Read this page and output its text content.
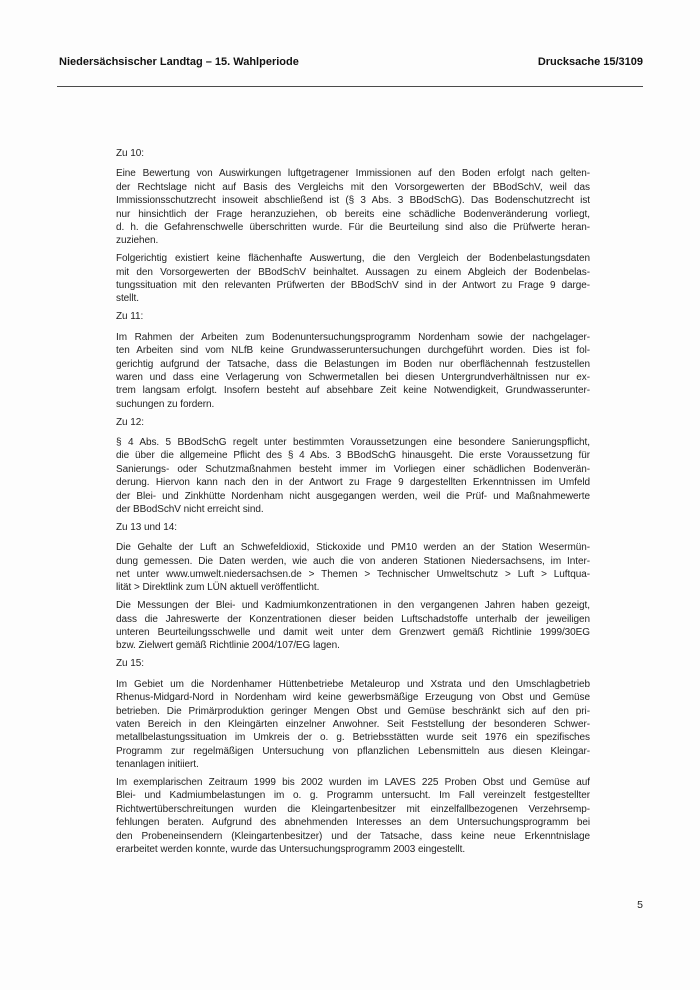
Niedersächsischer Landtag – 15. Wahlperiode	Drucksache 15/3109
Zu 10:
Eine Bewertung von Auswirkungen luftgetragener Immissionen auf den Boden erfolgt nach gelten-
der Rechtslage nicht auf Basis des Vergleichs mit den Vorsorgewerten der BBodSchV, weil das
Immissionsschutzrecht insoweit abschließend ist (§ 3 Abs. 3 BBodSchG). Das Bodenschutzrecht ist
nur hinsichtlich der Frage heranzuziehen, ob bereits eine schädliche Bodenveränderung vorliegt,
d. h. die Gefahrenschwelle überschritten wurde. Für die Beurteilung sind also die Prüfwerte heran-
zuziehen.
Folgerichtig existiert keine flächenhafte Auswertung, die den Vergleich der Bodenbelastungsdaten
mit den Vorsorgewerten der BBodSchV beinhaltet. Aussagen zu einem Abgleich der Bodenbelas-
tungssituation mit den relevanten Prüfwerten der BBodSchV sind in der Antwort zu Frage 9 darge-
stellt.
Zu 11:
Im Rahmen der Arbeiten zum Bodenuntersuchungsprogramm Nordenham sowie der nachgelager-
ten Arbeiten sind vom NLfB keine Grundwasseruntersuchungen durchgeführt worden. Dies ist fol-
gerichtig aufgrund der Tatsache, dass die Belastungen im Boden nur oberflächennah festzustellen
waren und dass eine Verlagerung von Schwermetallen bei diesen Untergrundverhältnissen nur ex-
trem langsam erfolgt. Insofern besteht auf absehbare Zeit keine Notwendigkeit, Grundwasserunter-
suchungen zu fordern.
Zu 12:
§ 4 Abs. 5 BBodSchG regelt unter bestimmten Voraussetzungen eine besondere Sanierungspflicht,
die über die allgemeine Pflicht des § 4 Abs. 3 BBodSchG hinausgeht. Die erste Voraussetzung für
Sanierungs- oder Schutzmaßnahmen besteht immer im Vorliegen einer schädlichen Bodenverän-
derung. Hiervon kann nach den in der Antwort zu Frage 9 dargestellten Erkenntnissen im Umfeld
der Blei- und Zinkhütte Nordenham nicht ausgegangen werden, weil die Prüf- und Maßnahmewerte
der BBodSchV nicht erreicht sind.
Zu 13 und 14:
Die Gehalte der Luft an Schwefeldioxid, Stickoxide und PM10 werden an der Station Wesermün-
dung gemessen. Die Daten werden, wie auch die von anderen Stationen Niedersachsens, im Inter-
net unter www.umwelt.niedersachsen.de > Themen > Technischer Umweltschutz > Luft > Luftqua-
lität > Direktlink zum LÜN aktuell veröffentlicht.
Die Messungen der Blei- und Kadmiumkonzentrationen in den vergangenen Jahren haben gezeigt,
dass die Jahreswerte der Konzentrationen dieser beiden Luftschadstoffe unterhalb der jeweiligen
unteren Beurteilungsschwelle und damit weit unter dem Grenzwert gemäß Richtlinie 1999/30EG
bzw. Zielwert gemäß Richtlinie 2004/107/EG lagen.
Zu 15:
Im Gebiet um die Nordenhamer Hüttenbetriebe Metaleurop und Xstrata und den Umschlagbetrieb
Rhenus-Midgard-Nord in Nordenham wird keine gewerbsmäßige Erzeugung von Obst und Gemüse
betrieben. Die Primärproduktion geringer Mengen Obst und Gemüse beschränkt sich auf den pri-
vaten Bereich in den Kleingärten einzelner Anwohner. Seit Feststellung der besonderen Schwer-
metallbelastungssituation im Umkreis der o. g. Betriebsstätten wurde seit 1976 ein spezifisches
Programm zur regelmäßigen Untersuchung von pflanzlichen Lebensmitteln aus diesen Kleingar-
tenanlagen initiiert.
Im exemplarischen Zeitraum 1999 bis 2002 wurden im LAVES 225 Proben Obst und Gemüse auf
Blei- und Kadmiumbelastungen im o. g. Programm untersucht. Im Fall vereinzelt festgestellter
Richtwertüberschreitungen wurden die Kleingartenbesitzer mit einzelfallbezogenen Verzehrsemp-
fehlungen beraten. Aufgrund des abnehmenden Interesses an dem Untersuchungsprogramm bei
den Probeneinsendern (Kleingartenbesitzer) und der Tatsache, dass keine neue Erkenntnislage
erarbeitet werden konnte, wurde das Untersuchungsprogramm 2003 eingestellt.
5
